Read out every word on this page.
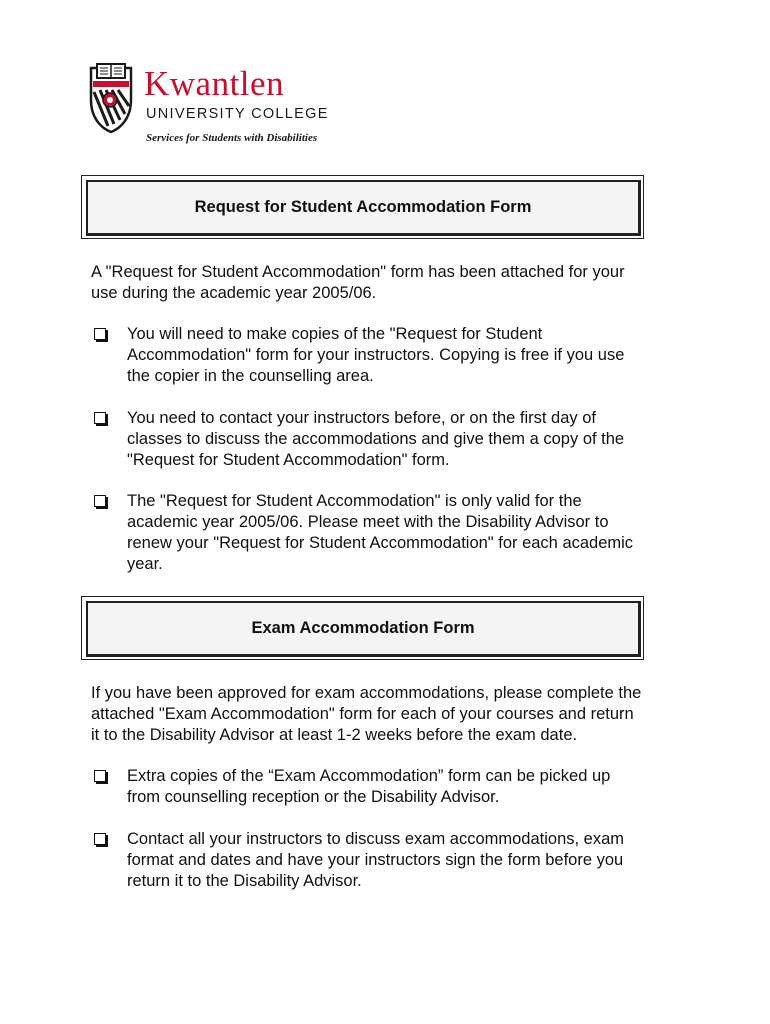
Kwantlen
UNIVERSITY COLLEGE
Services for Students with Disabilities
Request for Student Accommodation Form
A "Request for Student Accommodation" form has been attached for your
use during the academic year 2005/06.
You will need to make copies of the "Request for Student
Accommodation" form for your instructors. Copying is free if you use
the copier in the counselling area.
You need to contact your instructors before, or on the first day of
classes to discuss the accommodations and give them a copy of the
"Request for Student Accommodation" form.
The "Request for Student Accommodation" is only valid for the
academic year 2005/06. Please meet with the Disability Advisor to
renew your "Request for Student Accommodation" for each academic
year.
Exam Accommodation Form
If you have been approved for exam accommodations, please complete the
attached "Exam Accommodation" form for each of your courses and return
it to the Disability Advisor at least 1-2 weeks before the exam date.
Extra copies of the “Exam Accommodation” form can be picked up
from counselling reception or the Disability Advisor.
Contact all your instructors to discuss exam accommodations, exam
format and dates and have your instructors sign the form before you
return it to the Disability Advisor.
